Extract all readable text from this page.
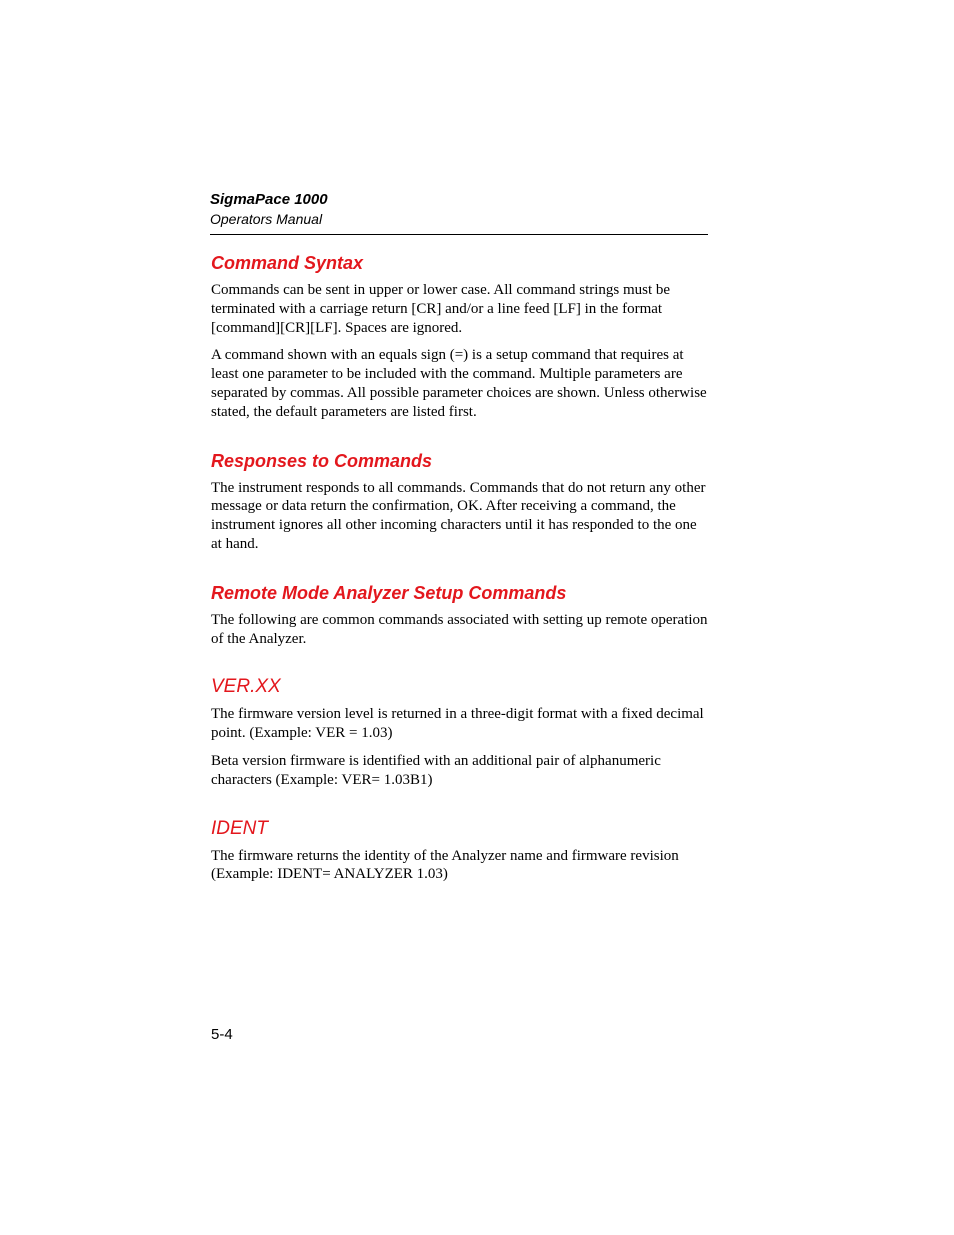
SigmaPace 1000

Operators Manual

Command Syntax

Commands can be sent in upper or lower case. All command strings must be terminated with a carriage return [CR] and/or a line feed [LF] in the format [command][CR][LF]. Spaces are ignored.

A command shown with an equals sign (=) is a setup command that requires at least one parameter to be included with the command. Multiple parameters are separated by commas. All possible parameter choices are shown. Unless otherwise stated, the default parameters are listed first.

Responses to Commands

The instrument responds to all commands. Commands that do not return any other message or data return the confirmation, OK. After receiving a command, the instrument ignores all other incoming characters until it has responded to the one at hand.

Remote Mode Analyzer Setup Commands

The following are common commands associated with setting up remote operation of the Analyzer.

VER.XX

The firmware version level is returned in a three-digit format with a fixed decimal point. (Example: VER = 1.03)

Beta version firmware is identified with an additional pair of alphanumeric characters (Example: VER= 1.03B1)

IDENT

The firmware returns the identity of the Analyzer name and firmware revision (Example: IDENT= ANALYZER 1.03)

5-4
